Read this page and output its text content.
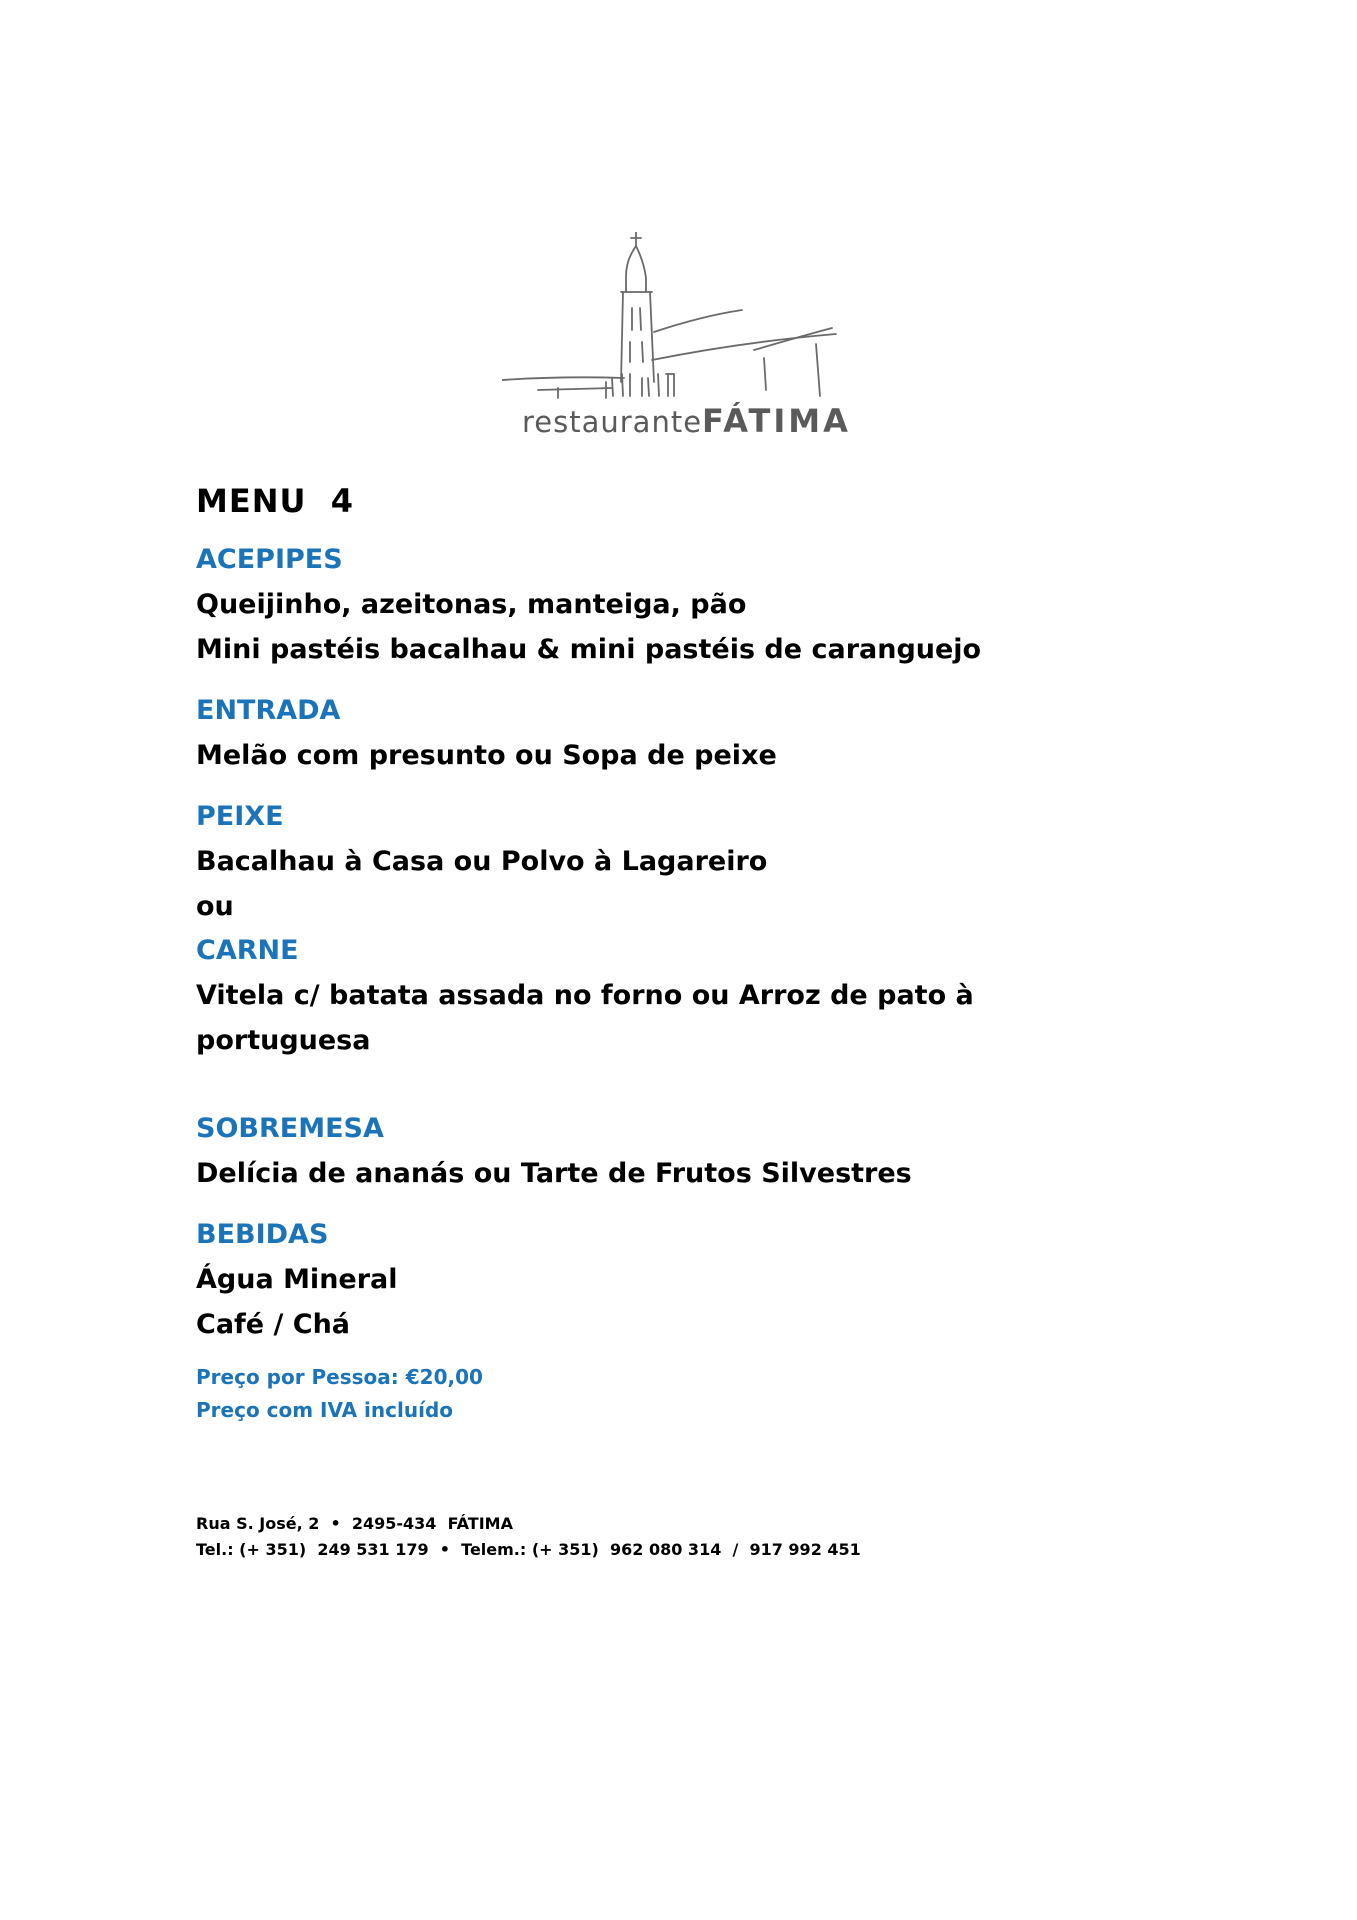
restauranteFÁTIMA

MENU  4

ACEPIPES

Queijinho, azeitonas, manteiga, pão

Mini pastéis bacalhau & mini pastéis de caranguejo

ENTRADA

Melão com presunto ou Sopa de peixe

PEIXE

Bacalhau à Casa ou Polvo à Lagareiro

ou

CARNE

Vitela c/ batata assada no forno ou Arroz de pato à

portuguesa

SOBREMESA

Delícia de ananás ou Tarte de Frutos Silvestres

BEBIDAS

Água Mineral

Café / Chá

Preço por Pessoa: €20,00

Preço com IVA incluído

Rua S. José, 2  •  2495-434  FÁTIMA

Tel.: (+ 351)  249 531 179  •  Telem.: (+ 351)  962 080 314  /  917 992 451
